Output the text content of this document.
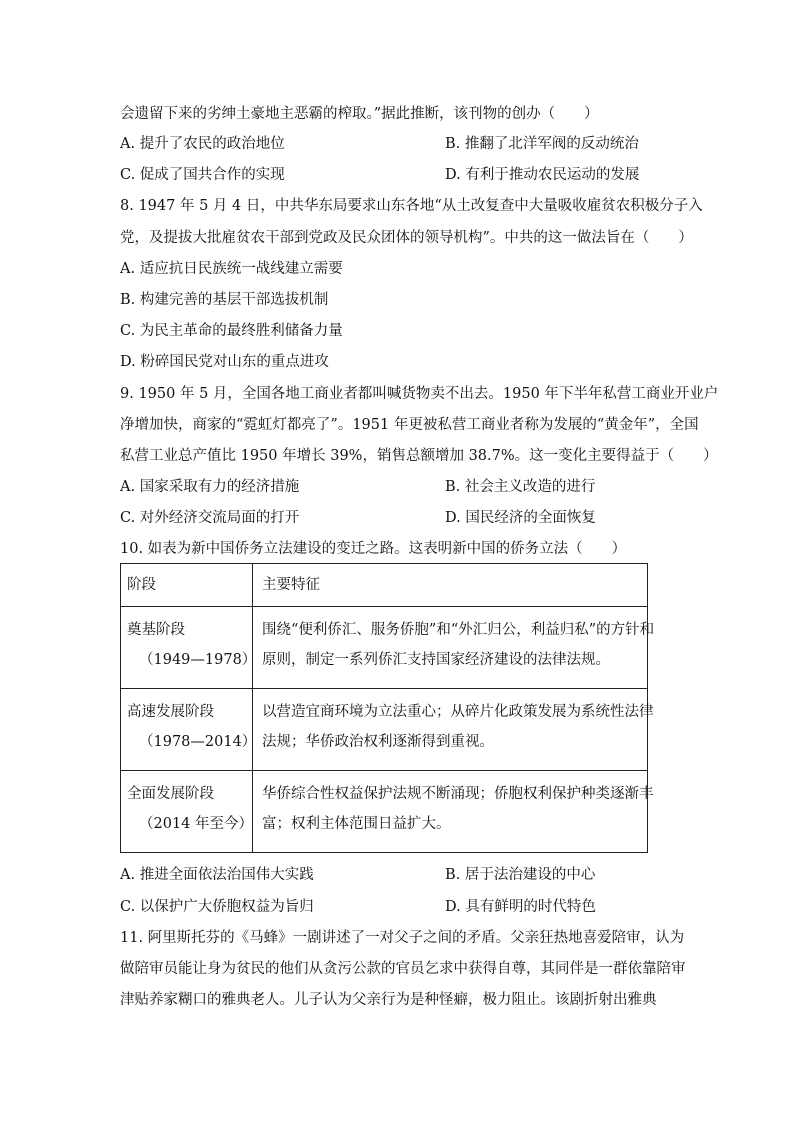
会遗留下来的劣绅土豪地主恶霸的榨取。”据此推断，该刊物的创办（　　）
A. 提升了农民的政治地位	B. 推翻了北洋军阀的反动统治
C. 促成了国共合作的实现	D. 有利于推动农民运动的发展
8. 1947 年 5 月 4 日，中共华东局要求山东各地“从土改复查中大量吸收雇贫农积极分子入
党，及提拔大批雇贫农干部到党政及民众团体的领导机构”。中共的这一做法旨在（　　）
A. 适应抗日民族统一战线建立需要
B. 构建完善的基层干部选拔机制
C. 为民主革命的最终胜利储备力量
D. 粉碎国民党对山东的重点进攻
9. 1950 年 5 月，全国各地工商业者都叫喊货物卖不出去。1950 年下半年私营工商业开业户
净增加快，商家的“霓虹灯都亮了”。1951 年更被私营工商业者称为发展的“黄金年”，全国
私营工业总产值比 1950 年增长 39%，销售总额增加 38.7%。这一变化主要得益于（　　）
A. 国家采取有力的经济措施	B. 社会主义改造的进行
C. 对外经济交流局面的打开	D. 国民经济的全面恢复
10. 如表为新中国侨务立法建设的变迁之路。这表明新中国的侨务立法（　　）
阶段	主要特征

奠基阶段
（1949—1978）	围绕“便利侨汇、服务侨胞”和“外汇归公，利益归私”的方针和
原则，制定一系列侨汇支持国家经济建设的法律法规。

高速发展阶段
（1978—2014）	以营造宜商环境为立法重心；从碎片化政策发展为系统性法律
法规；华侨政治权利逐渐得到重视。

全面发展阶段
（2014 年至今）	华侨综合性权益保护法规不断涌现；侨胞权利保护种类逐渐丰
富；权利主体范围日益扩大。
A. 推进全面依法治国伟大实践	B. 居于法治建设的中心
C. 以保护广大侨胞权益为旨归	D. 具有鲜明的时代特色
11. 阿里斯托芬的《马蜂》一剧讲述了一对父子之间的矛盾。父亲狂热地喜爱陪审，认为
做陪审员能让身为贫民的他们从贪污公款的官员乞求中获得自尊，其同伴是一群依靠陪审
津贴养家糊口的雅典老人。儿子认为父亲行为是种怪癖，极力阻止。该剧折射出雅典
